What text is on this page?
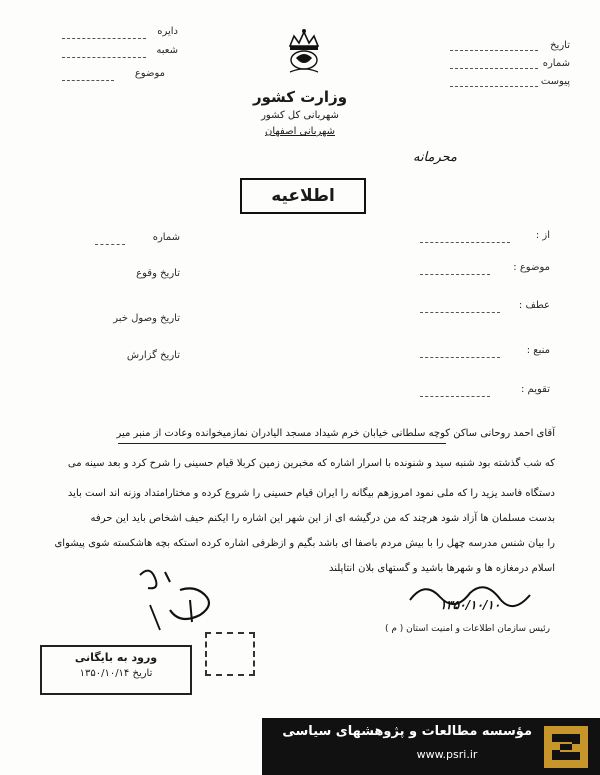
دایره
شعبه
موضوع
تاریخ
شماره
پیوست
وزارت کشور
شهربانی کل کشور
شهربانی اصفهان
محرمانه
اطلاعیه
از :
موضوع :
عطف :
منبع :
تقویم :
شماره
تاریخ وقوع
تاریخ وصول خبر
تاریخ گزارش
آقای احمد روحانی ساکن کوچه سلطانی خیابان خرم شیداد مسجد الیادران نمازمیخوانده وعادت از منبر میر
که شب گذشته بود شنبه سید و شنونده با اسرار اشاره که مخبرین زمین کربلا قیام حسینی را شرح کرد و بعد سینه می
دستگاه فاسد یزید را که ملی نمود امروزهم بیگانه را ایران قیام حسینی را شروع کرده و مختارامتداد وزنه اند است باید
بدست مسلمان ها آزاد شود هرچند که من درگیشه ای از این شهر این اشاره را ایکنم حیف اشخاص باید این حرفه
را بیان شنس مدرسه چهل را با بیش مردم باصفا ای باشد بگیم و ازظرفی اشاره کرده استکه بچه هاشکسته شوی پیشوای
اسلام درمغازه ها و شهرها باشید و گستهای بلان انتاپلند
۱۳۵۰/۱۰/۱۰
رئیس سازمان اطلاعات و امنیت استان ( م )
ورود به بایگانی
تاریخ ۱۳۵۰/۱۰/۱۴
مؤسسه مطالعات و پژوهشهای سیاسی
www.psri.ir
